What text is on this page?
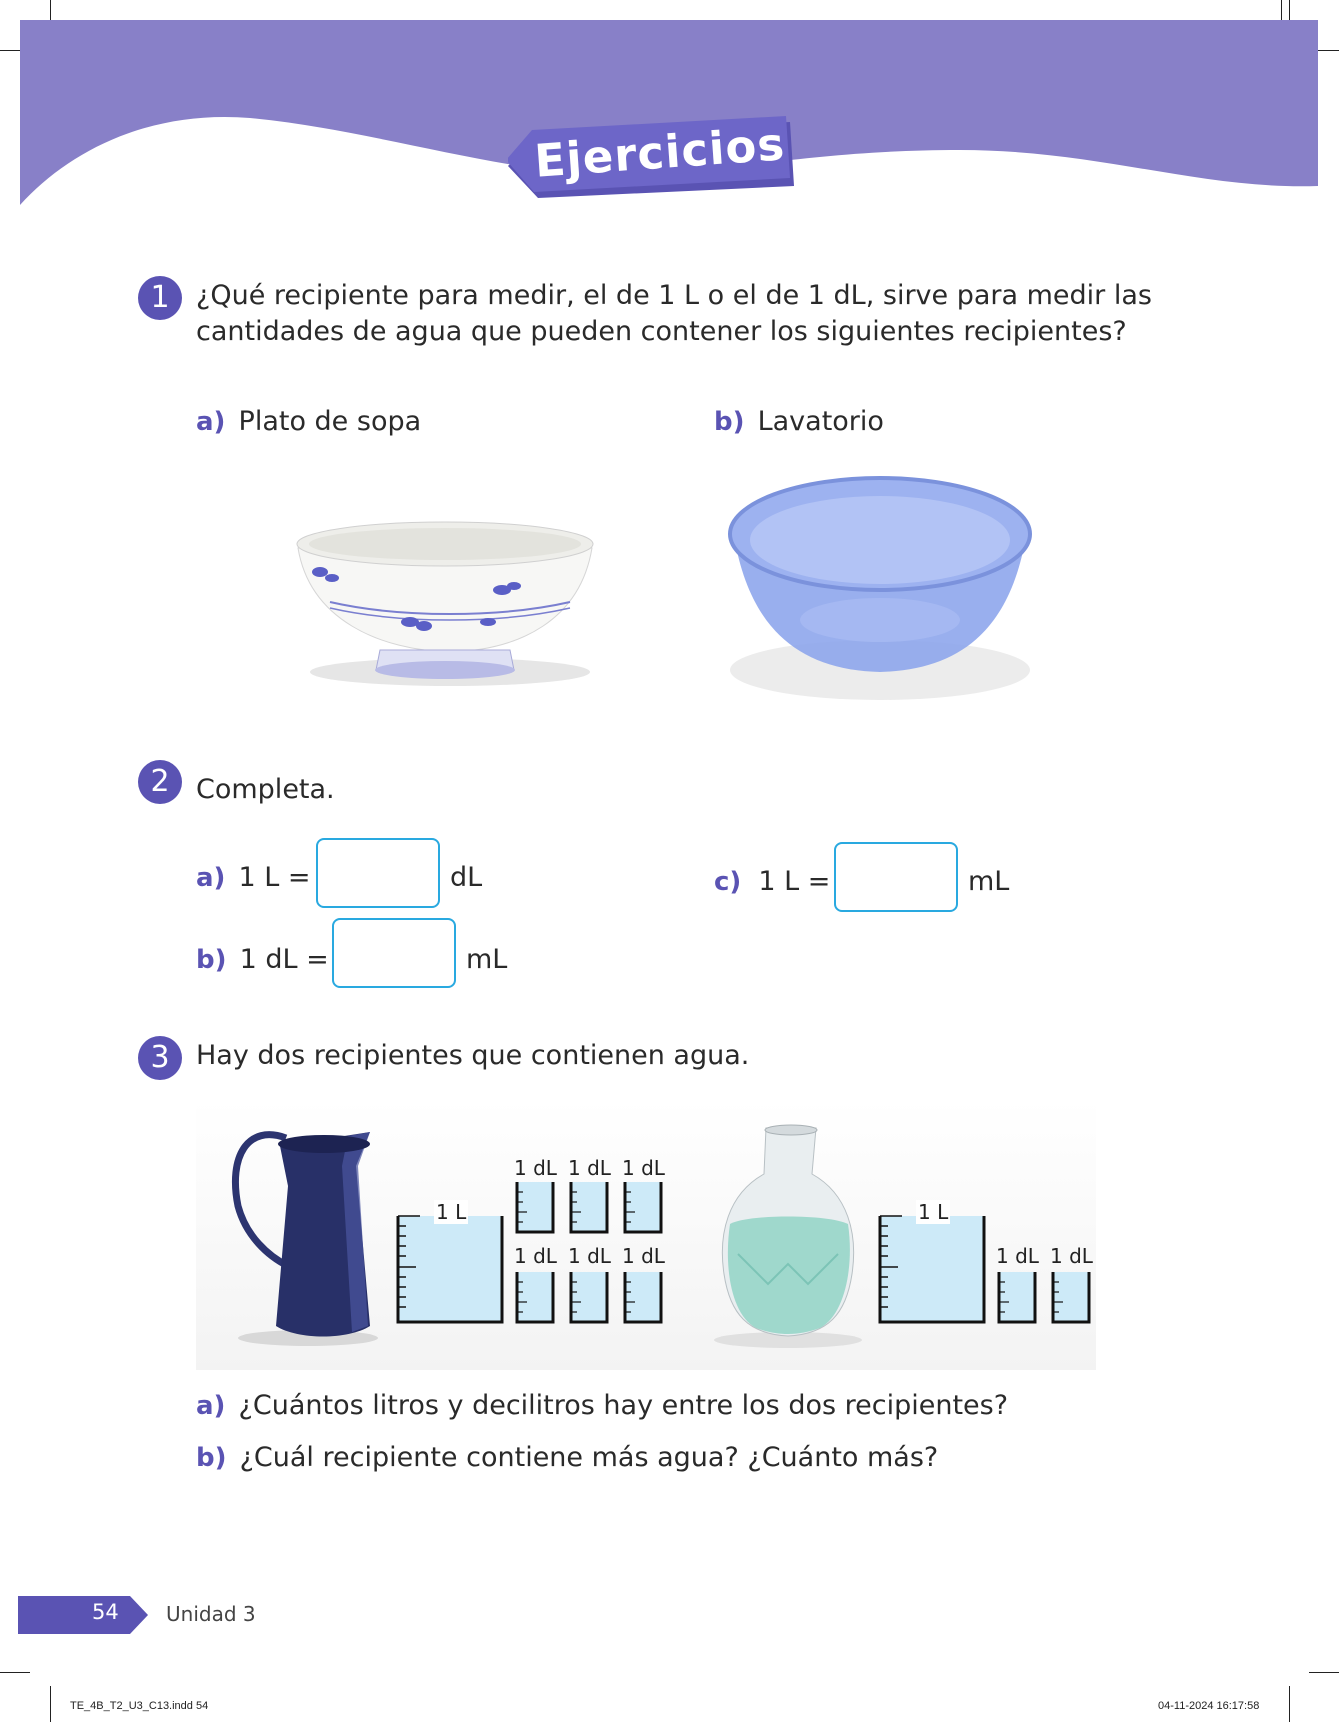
Ejercicios
1 ¿Qué recipiente para medir, el de 1 L o el de 1 dL, sirve para medir las
cantidades de agua que pueden contener los siguientes recipientes?
a) Plato de sopa	b) Lavatorio
2 Completa.
a) 1 L =	dL
b) 1 dL =	mL
c) 1 L =	mL
3 Hay dos recipientes que contienen agua.
1 L
1 dL 1 dL 1 dL
1 dL 1 dL 1 dL
1 L
1 dL 1 dL
a) ¿Cuántos litros y decilitros hay entre los dos recipientes?
b) ¿Cuál recipiente contiene más agua? ¿Cuánto más?
54 Unidad 3
TE_4B_T2_U3_C13.indd 54	04-11-2024 16:17:58
